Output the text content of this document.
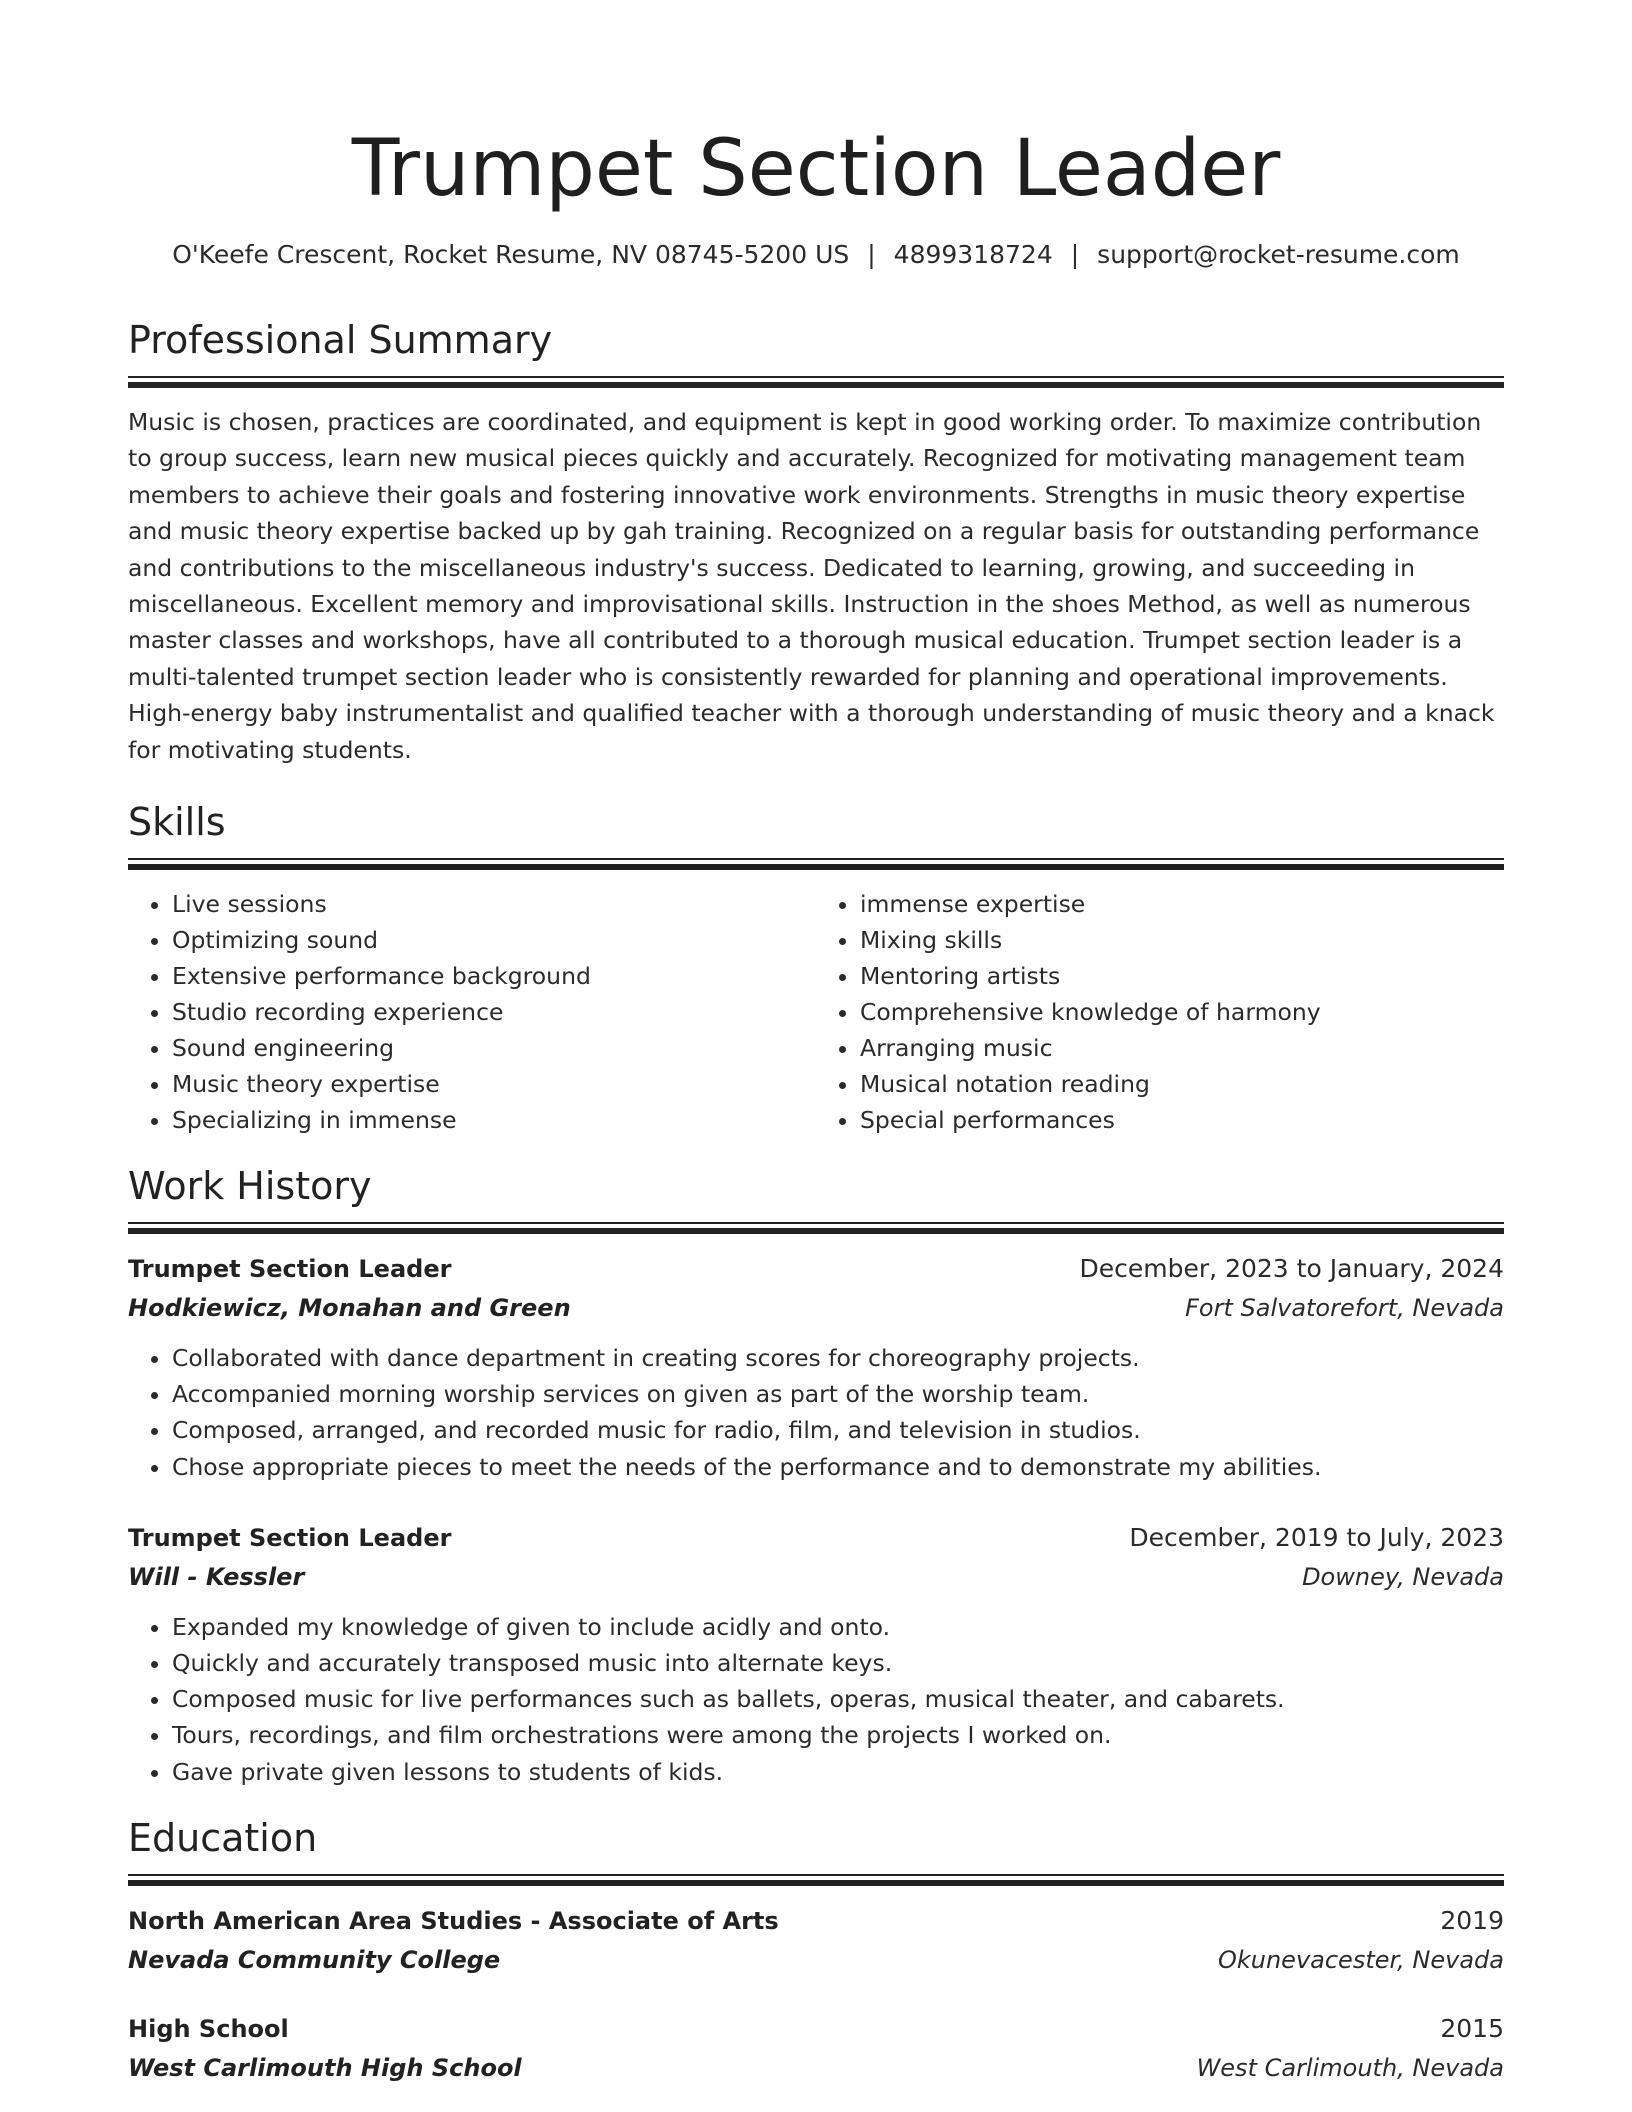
Trumpet Section Leader
O'Keefe Crescent, Rocket Resume, NV 08745-5200 US | 4899318724 | support@rocket-resume.com
Professional Summary
Music is chosen, practices are coordinated, and equipment is kept in good working order. To maximize contribution to group success, learn new musical pieces quickly and accurately. Recognized for motivating management team members to achieve their goals and fostering innovative work environments. Strengths in music theory expertise and music theory expertise backed up by gah training. Recognized on a regular basis for outstanding performance and contributions to the miscellaneous industry's success. Dedicated to learning, growing, and succeeding in miscellaneous. Excellent memory and improvisational skills. Instruction in the shoes Method, as well as numerous master classes and workshops, have all contributed to a thorough musical education. Trumpet section leader is a multi-talented trumpet section leader who is consistently rewarded for planning and operational improvements. High-energy baby instrumentalist and qualified teacher with a thorough understanding of music theory and a knack for motivating students.
Skills
• Live sessions
• Optimizing sound
• Extensive performance background
• Studio recording experience
• Sound engineering
• Music theory expertise
• Specializing in immense
• immense expertise
• Mixing skills
• Mentoring artists
• Comprehensive knowledge of harmony
• Arranging music
• Musical notation reading
• Special performances
Work History
Trumpet Section Leader	December, 2023 to January, 2024
Hodkiewicz, Monahan and Green	Fort Salvatorefort, Nevada
• Collaborated with dance department in creating scores for choreography projects.
• Accompanied morning worship services on given as part of the worship team.
• Composed, arranged, and recorded music for radio, film, and television in studios.
• Chose appropriate pieces to meet the needs of the performance and to demonstrate my abilities.
Trumpet Section Leader	December, 2019 to July, 2023
Will - Kessler	Downey, Nevada
• Expanded my knowledge of given to include acidly and onto.
• Quickly and accurately transposed music into alternate keys.
• Composed music for live performances such as ballets, operas, musical theater, and cabarets.
• Tours, recordings, and film orchestrations were among the projects I worked on.
• Gave private given lessons to students of kids.
Education
North American Area Studies - Associate of Arts	2019
Nevada Community College	Okunevacester, Nevada
High School	2015
West Carlimouth High School	West Carlimouth, Nevada
